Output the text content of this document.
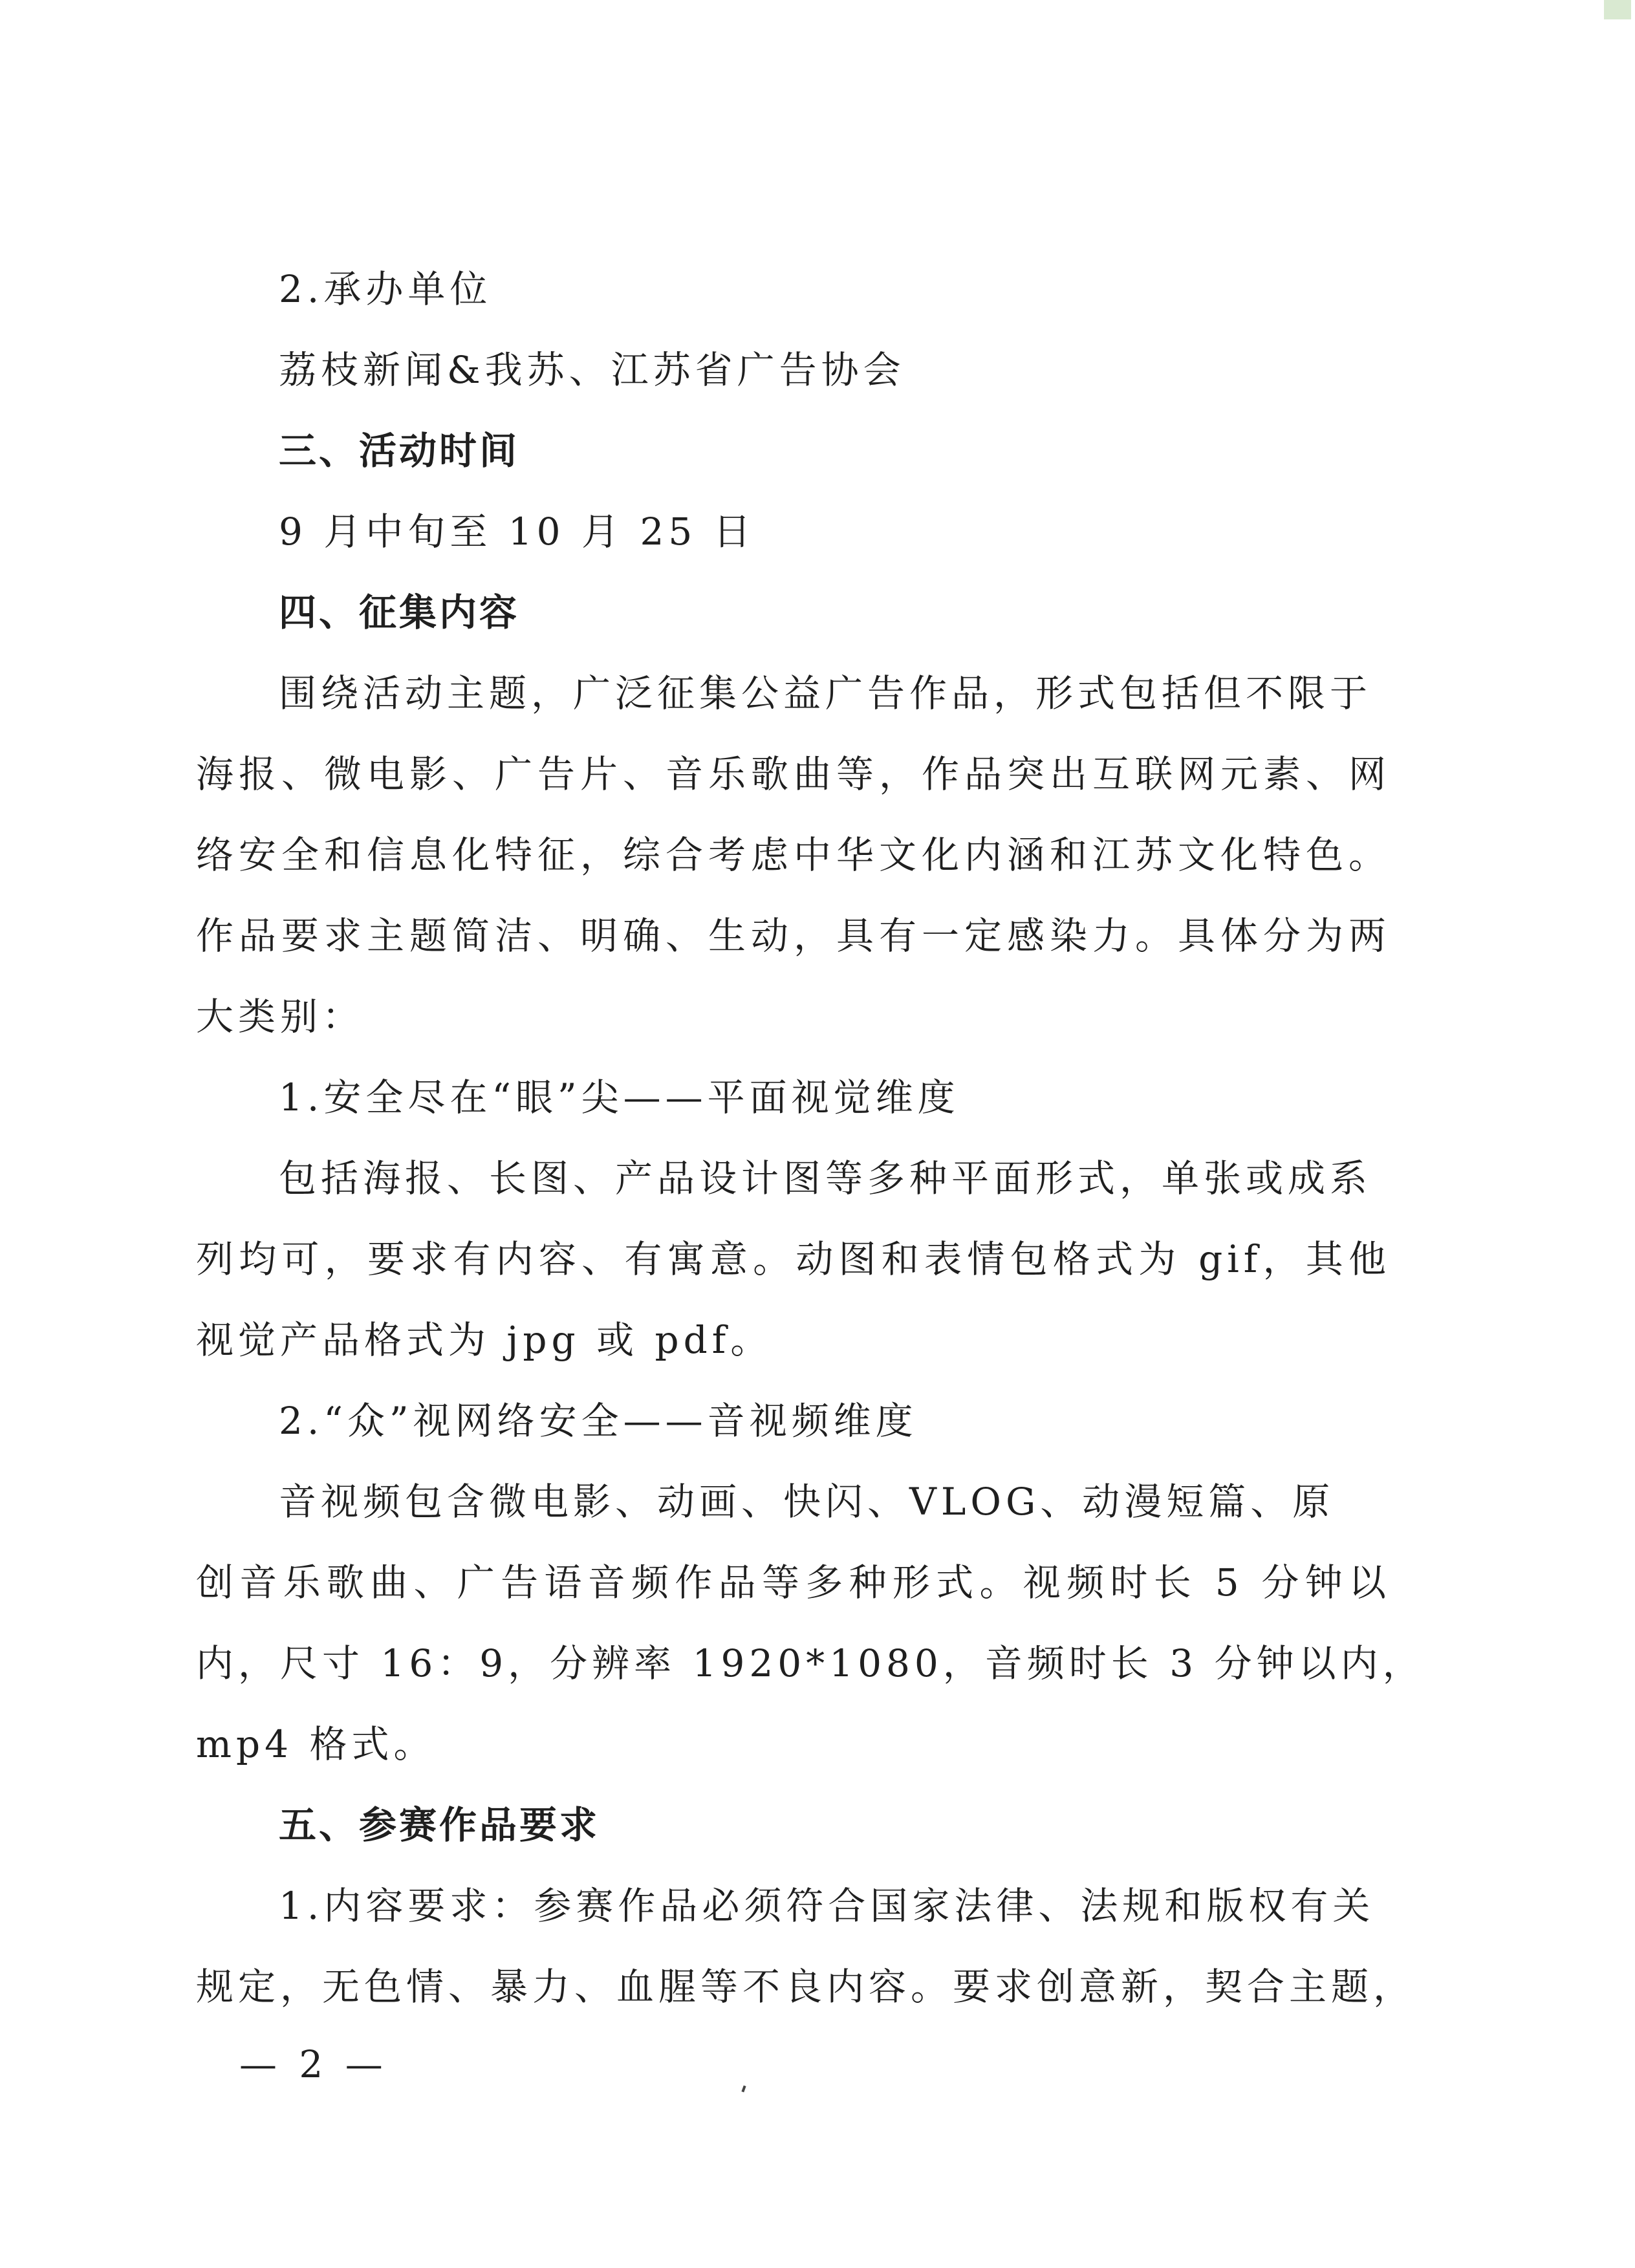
2.承办单位
荔枝新闻&我苏、江苏省广告协会
三、活动时间
9 月中旬至 10 月 25 日
四、征集内容
围绕活动主题，广泛征集公益广告作品，形式包括但不限于
海报、微电影、广告片、音乐歌曲等，作品突出互联网元素、网
络安全和信息化特征，综合考虑中华文化内涵和江苏文化特色。
作品要求主题简洁、明确、生动，具有一定感染力。具体分为两
大类别：
1.安全尽在“眼”尖——平面视觉维度
包括海报、长图、产品设计图等多种平面形式，单张或成系
列均可，要求有内容、有寓意。动图和表情包格式为 gif，其他
视觉产品格式为 jpg 或 pdf。
2.“众”视网络安全——音视频维度
音视频包含微电影、动画、快闪、VLOG、动漫短篇、原
创音乐歌曲、广告语音频作品等多种形式。视频时长 5 分钟以
内，尺寸 16：9，分辨率 1920*1080，音频时长 3 分钟以内，
mp4 格式。
五、参赛作品要求
1.内容要求：参赛作品必须符合国家法律、法规和版权有关
规定，无色情、暴力、血腥等不良内容。要求创意新，契合主题，
— 2 —
